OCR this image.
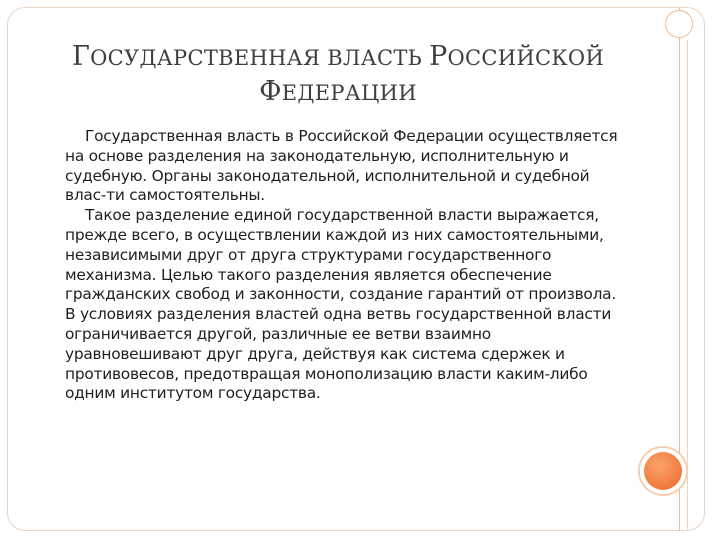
ГОСУДАРСТВЕННАЯ ВЛАСТЬ РОССИЙСКОЙ
ФЕДЕРАЦИИ

Государственная власть в Российской Федерации осуществляется на основе разделения на законодательную, исполнительную и судебную. Органы законодательной, исполнительной и судебной влас-ти самостоятельны.

Такое разделение единой государственной власти выражается, прежде всего, в осуществлении каждой из них самостоятельными, независимыми друг от друга структурами государственного механизма. Целью такого разделения является обеспечение гражданских свобод и законности, создание гарантий от произвола. В условиях разделения властей одна ветвь государственной власти ограничивается другой, различные ее ветви взаимно уравновешивают друг друга, действуя как система сдержек и противовесов, предотвращая монополизацию власти каким-либо одним институтом государства.
